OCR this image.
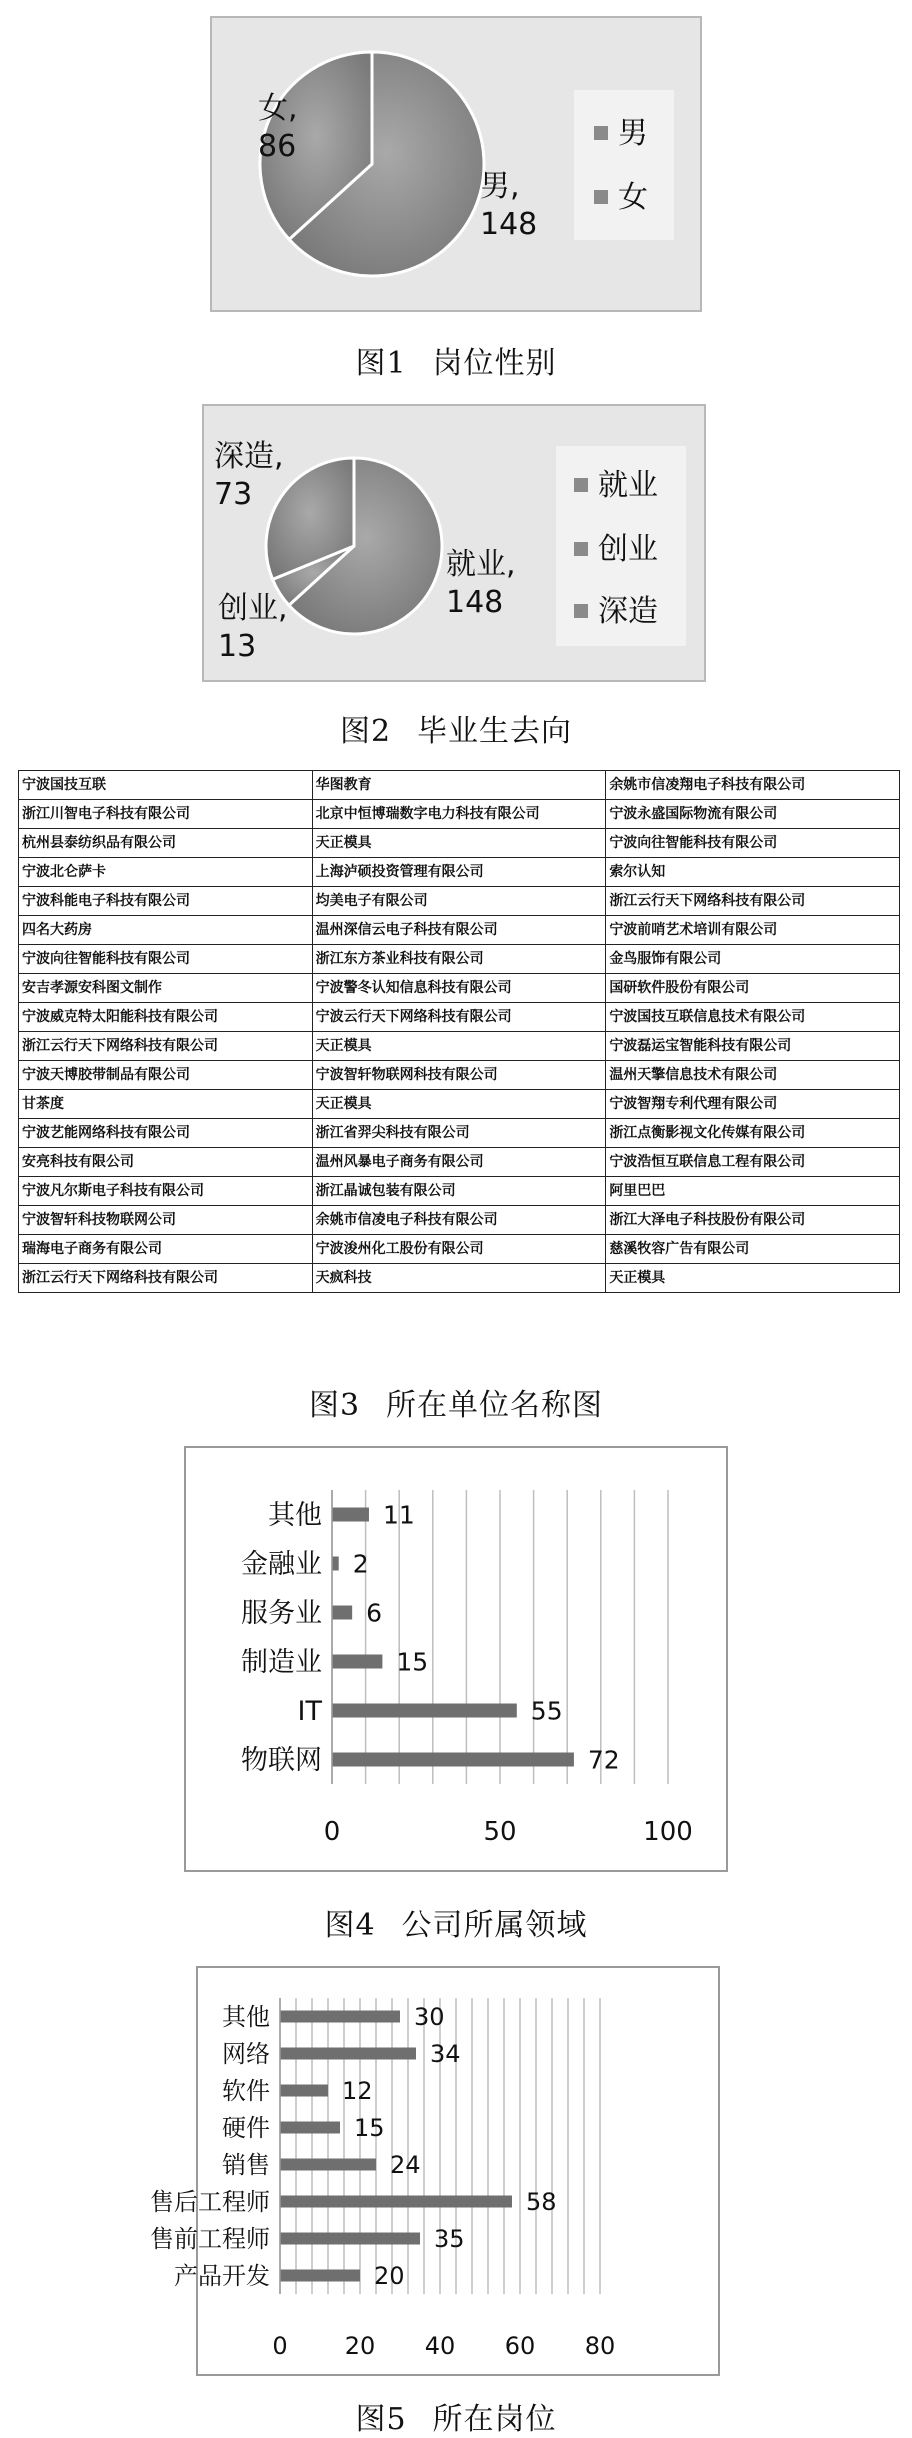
男,
148
女,
86	男
女
图1 岗位性别
就业,
148
创业,
13
深造,
73	就业
创业
深造
图2 毕业生去向
宁波国技互联	华图教育	余姚市信凌翔电子科技有限公司
浙江川智电子科技有限公司	北京中恒博瑞数字电力科技有限公司	宁波永盛国际物流有限公司
杭州县泰纺织品有限公司	天正模具	宁波向往智能科技有限公司
宁波北仑萨卡	上海泸硕投资管理有限公司	索尔认知
宁波科能电子科技有限公司	均美电子有限公司	浙江云行天下网络科技有限公司
四名大药房	温州深信云电子科技有限公司	宁波前哨艺术培训有限公司
宁波向往智能科技有限公司	浙江东方茶业科技有限公司	金鸟服饰有限公司
安吉孝源安科图文制作	宁波警冬认知信息科技有限公司	国研软件股份有限公司
宁波威克特太阳能科技有限公司	宁波云行天下网络科技有限公司	宁波国技互联信息技术有限公司
浙江云行天下网络科技有限公司	天正模具	宁波磊运宝智能科技有限公司
宁波天博胶带制品有限公司	宁波智轩物联网科技有限公司	温州天擎信息技术有限公司
甘茶度	天正模具	宁波智翔专利代理有限公司
宁波艺能网络科技有限公司	浙江省羿尖科技有限公司	浙江点衡影视文化传媒有限公司
安亮科技有限公司	温州风暴电子商务有限公司	宁波浩恒互联信息工程有限公司
宁波凡尔斯电子科技有限公司	浙江晶诚包装有限公司	阿里巴巴
宁波智轩科技物联网公司	余姚市信凌电子科技有限公司	浙江大泽电子科技股份有限公司
瑞海电子商务有限公司	宁波浚州化工股份有限公司	慈溪牧容广告有限公司
浙江云行天下网络科技有限公司	天疯科技	天正模具
图3 所在单位名称图
0	50	100
物联网	72
IT	55
制造业	15
服务业 6
金融业 2
其他 11
图4 公司所属领域
0 20 40 60 80
产品开发	20
售前工程师	35
售后工程师	58
销售	24
硬件	15
软件	12
网络	34
其他	30
图5 所在岗位
